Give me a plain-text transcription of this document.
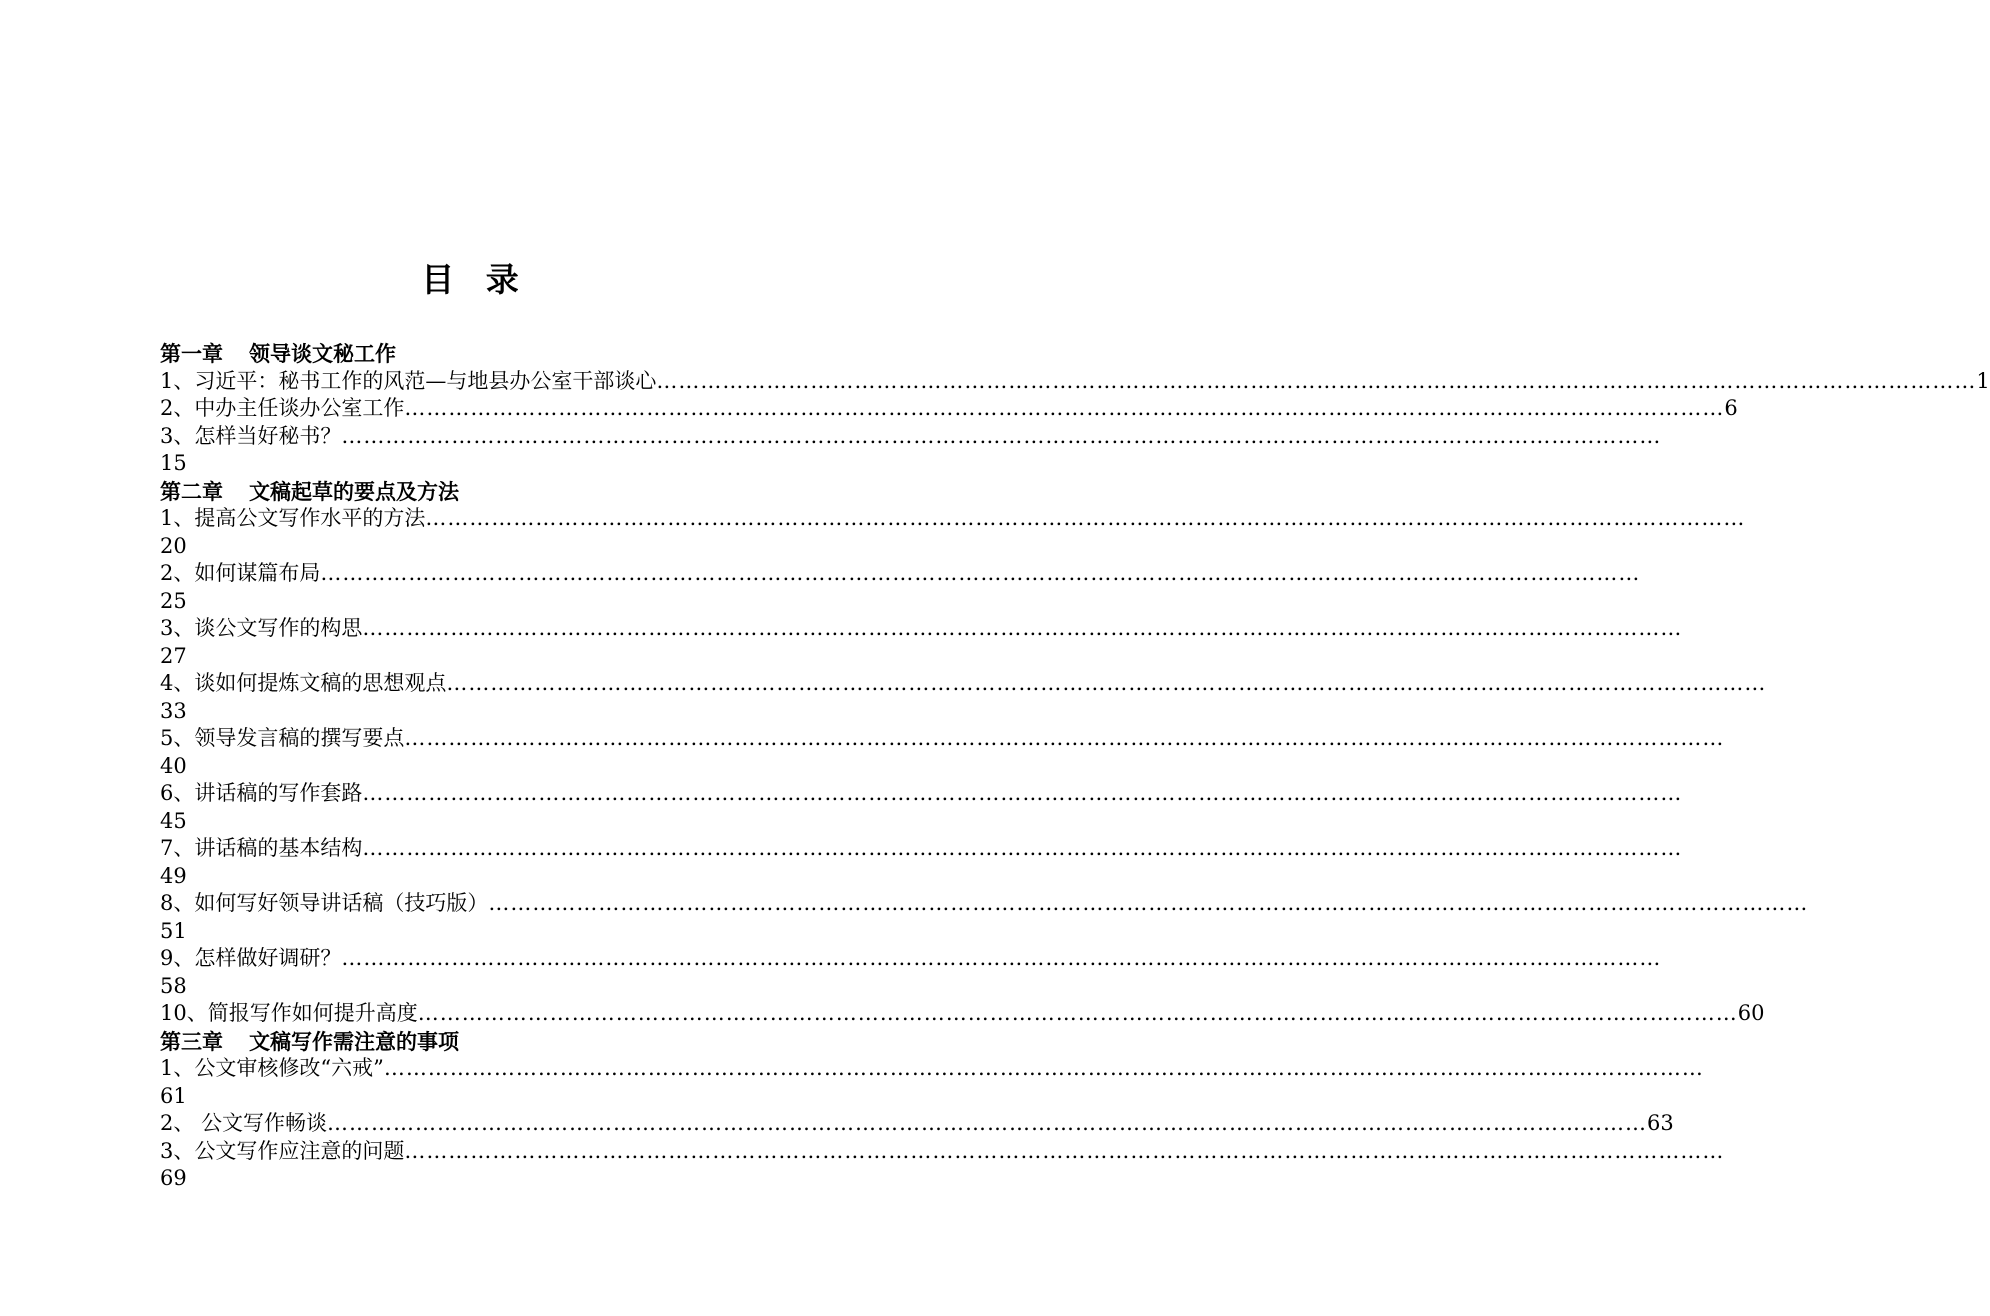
目 录
第一章 领导谈文秘工作
1、习近平：秘书工作的风范—与地县办公室干部谈心 ……………………………………………………………………………………………………………………………………………………………… 1
2、中办主任谈办公室工作 ……………………………………………………………………………………………………………………………………………………………… 6
3、怎样当好秘书？ ………………………………………………………………………………………………………………………………………………………………
15
第二章 文稿起草的要点及方法
1、提高公文写作水平的方法 ………………………………………………………………………………………………………………………………………………………………
20
2、如何谋篇布局 ………………………………………………………………………………………………………………………………………………………………
25
3、谈公文写作的构思 ………………………………………………………………………………………………………………………………………………………………
27
4、谈如何提炼文稿的思想观点 ………………………………………………………………………………………………………………………………………………………………
33
5、领导发言稿的撰写要点 ………………………………………………………………………………………………………………………………………………………………
40
6、讲话稿的写作套路 ………………………………………………………………………………………………………………………………………………………………
45
7、讲话稿的基本结构 ………………………………………………………………………………………………………………………………………………………………
49
8、如何写好领导讲话稿（技巧版） ………………………………………………………………………………………………………………………………………………………………
51
9、怎样做好调研？ ………………………………………………………………………………………………………………………………………………………………
58
10、简报写作如何提升高度 ……………………………………………………………………………………………………………………………………………………………… 60
第三章 文稿写作需注意的事项
1、公文审核修改“六戒” ………………………………………………………………………………………………………………………………………………………………
61
2、 公文写作畅谈 ……………………………………………………………………………………………………………………………………………………………… 63
3、公文写作应注意的问题 ………………………………………………………………………………………………………………………………………………………………
69
